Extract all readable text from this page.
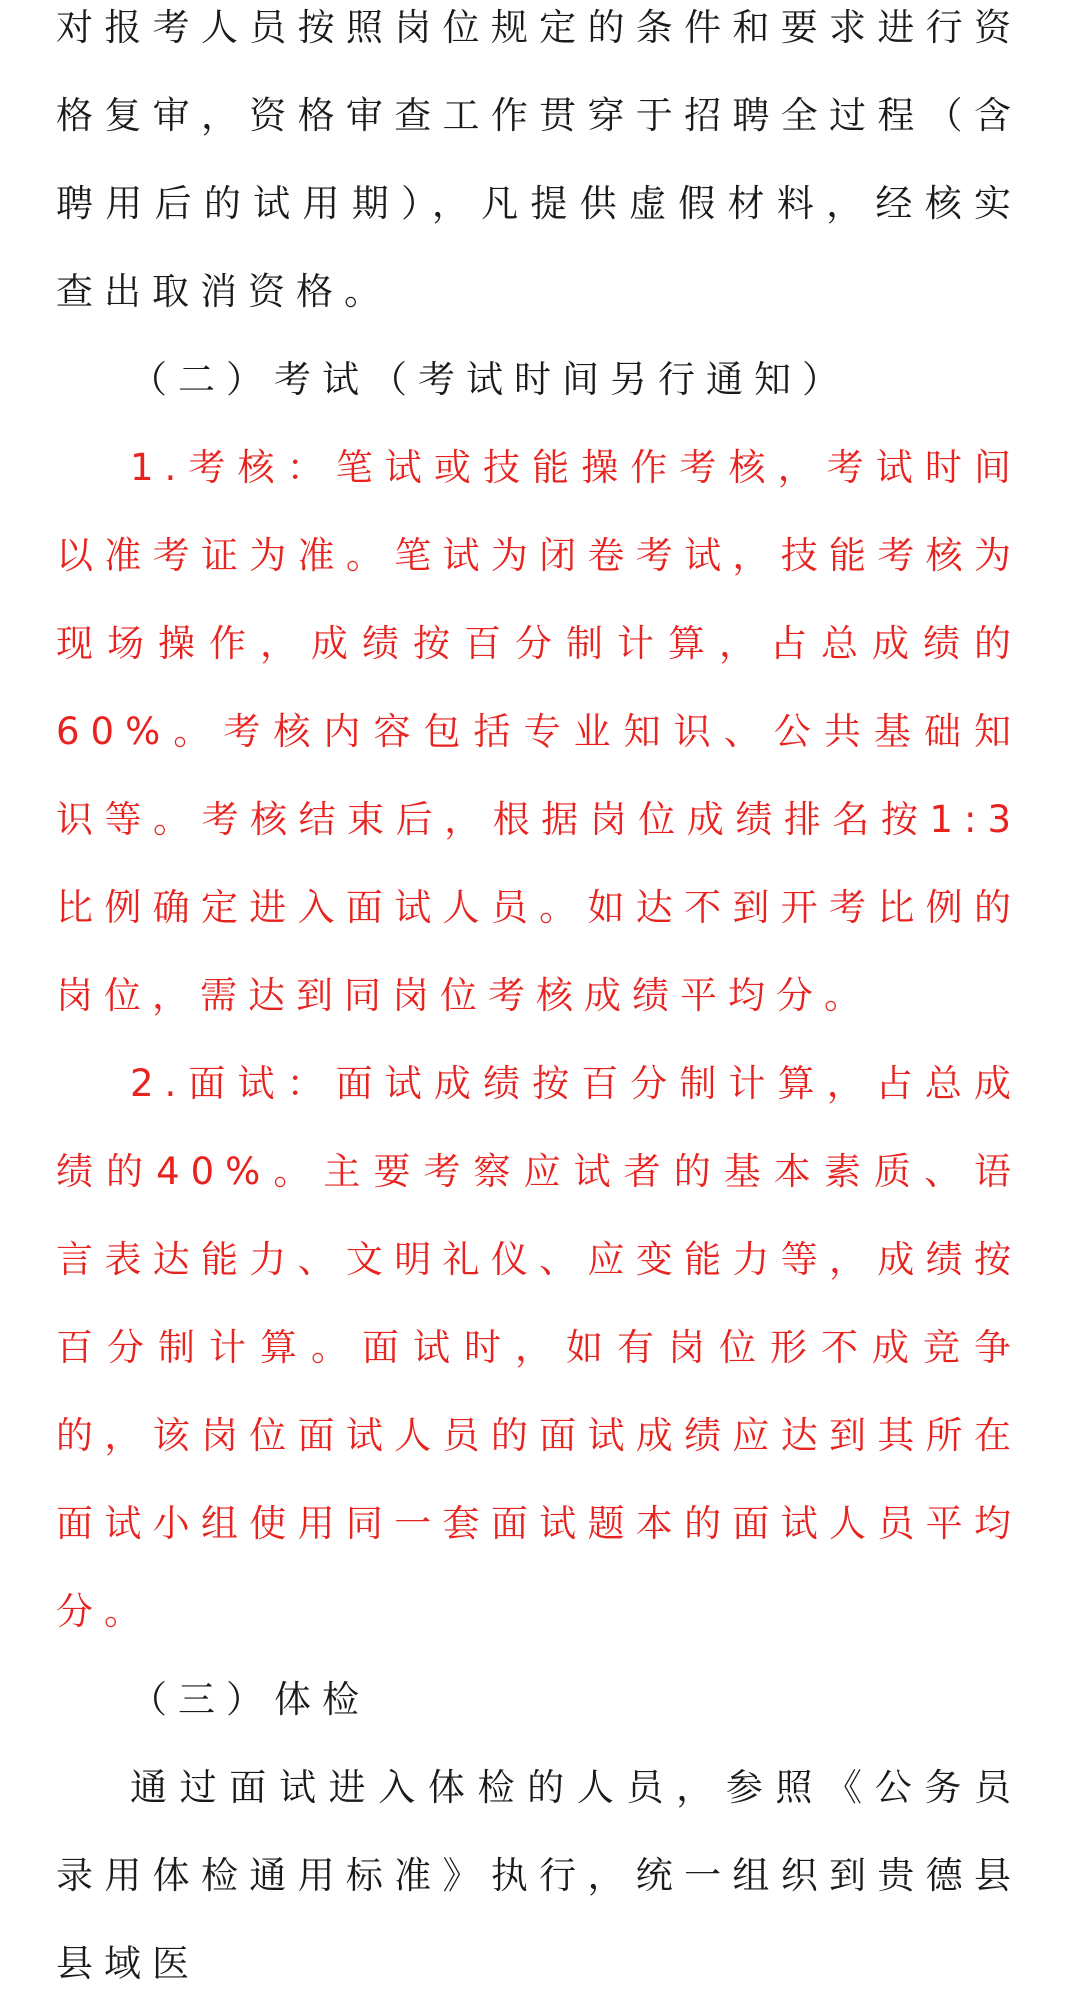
对报考人员按照岗位规定的条件和要求进行资格复审，资格审查工作贯穿于招聘全过程（含聘用后的试用期），凡提供虚假材料，经核实查出取消资格。

（二）考试（考试时间另行通知）

1.考核：笔试或技能操作考核，考试时间以准考证为准。笔试为闭卷考试，技能考核为现场操作，成绩按百分制计算，占总成绩的60%。考核内容包括专业知识、公共基础知识等。考核结束后，根据岗位成绩排名按1:3比例确定进入面试人员。如达不到开考比例的岗位，需达到同岗位考核成绩平均分。

2.面试：面试成绩按百分制计算，占总成绩的40%。主要考察应试者的基本素质、语言表达能力、文明礼仪、应变能力等，成绩按百分制计算。面试时，如有岗位形不成竞争的，该岗位面试人员的面试成绩应达到其所在面试小组使用同一套面试题本的面试人员平均分。

（三）体检

通过面试进入体检的人员，参照《公务员录用体检通用标准》执行，统一组织到贵德县县域医
